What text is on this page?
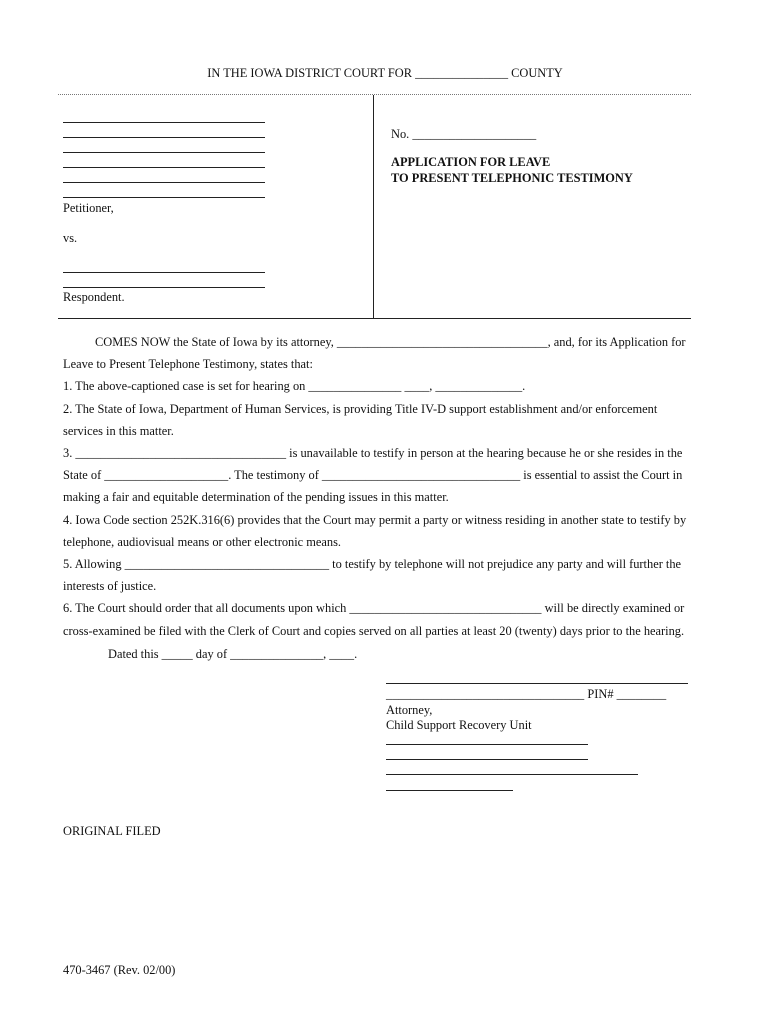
IN THE IOWA DISTRICT COURT FOR _______________ COUNTY
Petitioner,
vs.
Respondent.
No. ____________________
APPLICATION FOR LEAVE
TO PRESENT TELEPHONIC TESTIMONY

COMES NOW the State of Iowa by its attorney, __________________________________, and, for its Application for

Leave to Present Telephone Testimony, states that:

1. The above-captioned case is set for hearing on _______________ ____, ______________.

2. The State of Iowa, Department of Human Services, is providing Title IV-D support establishment and/or enforcement

services in this matter.

3. __________________________________ is unavailable to testify in person at the hearing because he or she resides in the

State of ____________________. The testimony of ________________________________ is essential to assist the Court in

making a fair and equitable determination of the pending issues in this matter.

4. Iowa Code section 252K.316(6) provides that the Court may permit a party or witness residing in another state to testify by

telephone, audiovisual means or other electronic means.

5. Allowing _________________________________ to testify by telephone will not prejudice any party and will further the

interests of justice.

6. The Court should order that all documents upon which _______________________________ will be directly examined or

cross-examined be filed with the Clerk of Court and copies served on all parties at least 20 (twenty) days prior to the hearing.

Dated this _____ day of _______________, ____.

________________________________ PIN# ________

Attorney,

Child Support Recovery Unit

ORIGINAL FILED

470-3467 (Rev. 02/00)
